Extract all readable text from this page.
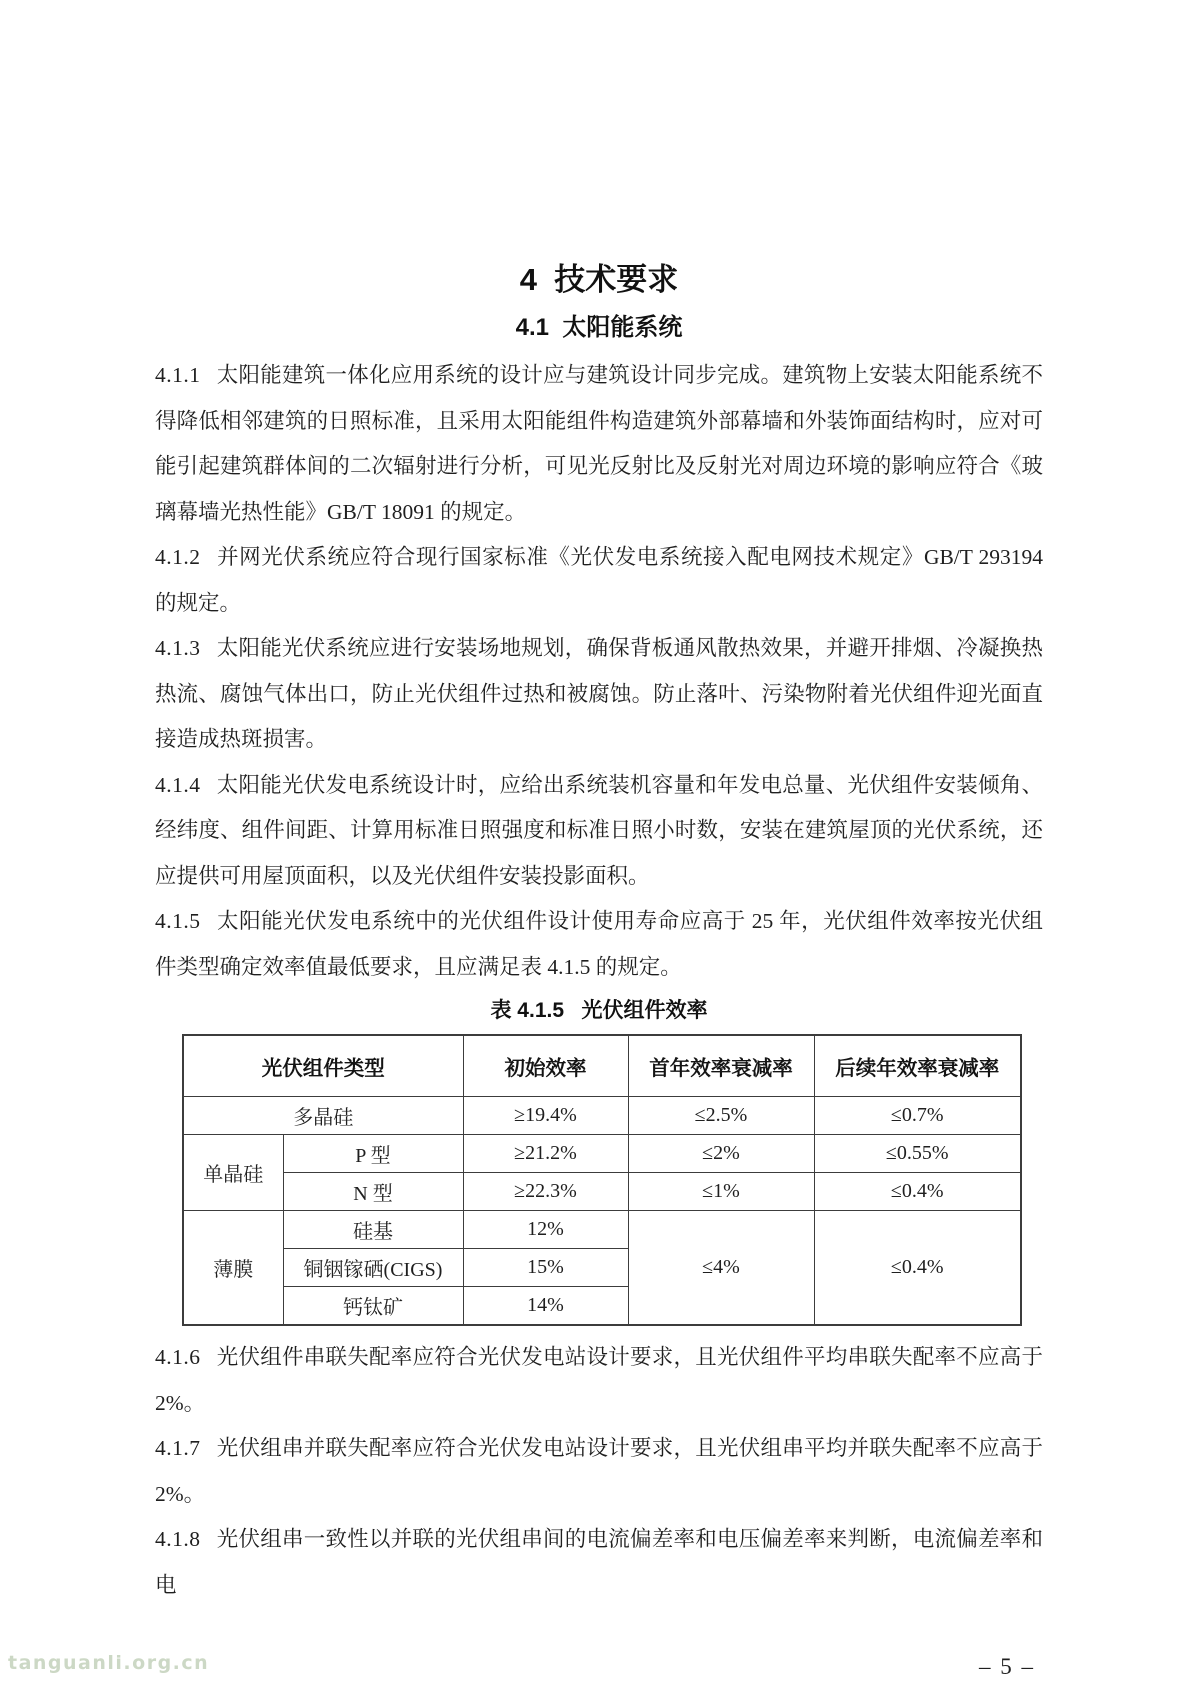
4  技术要求
4.1  太阳能系统

4.1.1 太阳能建筑一体化应用系统的设计应与建筑设计同步完成。建筑物上安装太阳能系统不得降低相邻建筑的日照标准，且采用太阳能组件构造建筑外部幕墙和外装饰面结构时，应对可能引起建筑群体间的二次辐射进行分析，可见光反射比及反射光对周边环境的影响应符合《玻璃幕墙光热性能》GB/T 18091 的规定。

4.1.2 并网光伏系统应符合现行国家标准《光伏发电系统接入配电网技术规定》GB/T 293194 的规定。

4.1.3 太阳能光伏系统应进行安装场地规划，确保背板通风散热效果，并避开排烟、冷凝换热热流、腐蚀气体出口，防止光伏组件过热和被腐蚀。防止落叶、污染物附着光伏组件迎光面直接造成热斑损害。

4.1.4 太阳能光伏发电系统设计时，应给出系统装机容量和年发电总量、光伏组件安装倾角、经纬度、组件间距、计算用标准日照强度和标准日照小时数，安装在建筑屋顶的光伏系统，还应提供可用屋顶面积，以及光伏组件安装投影面积。

4.1.5 太阳能光伏发电系统中的光伏组件设计使用寿命应高于 25 年，光伏组件效率按光伏组件类型确定效率值最低要求，且应满足表 4.1.5 的规定。

表 4.1.5   光伏组件效率
光伏组件类型		初始效率	首年效率衰减率	后续年效率衰减率
多晶硅		≥19.4%	≤2.5%	≤0.7%
单晶硅	P 型	≥21.2%	≤2%	≤0.55%
	N 型	≥22.3%	≤1%	≤0.4%
薄膜	硅基	12%	≤4%	≤0.4%
	铜铟镓硒(CIGS)	15%		
	钙钛矿	14%		

4.1.6 光伏组件串联失配率应符合光伏发电站设计要求，且光伏组件平均串联失配率不应高于 2%。

4.1.7 光伏组串并联失配率应符合光伏发电站设计要求，且光伏组串平均并联失配率不应高于 2%。

4.1.8 光伏组串一致性以并联的光伏组串间的电流偏差率和电压偏差率来判断，电流偏差率和电

– 5 –
tanguanli.org.cn
